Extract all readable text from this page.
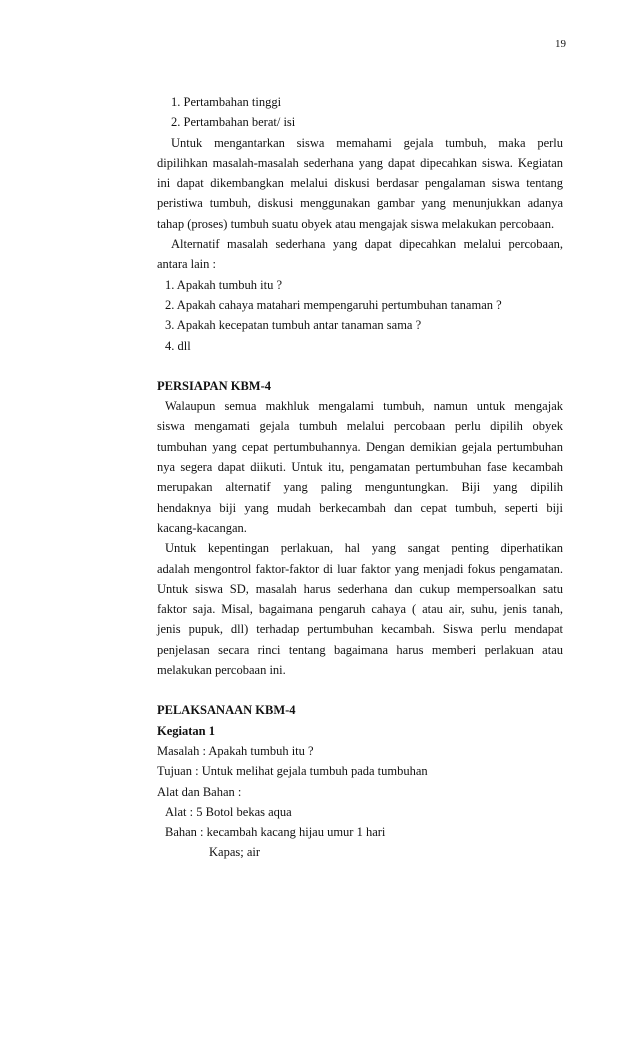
19
1. Pertambahan tinggi
2. Pertambahan berat/ isi

Untuk mengantarkan siswa memahami gejala tumbuh, maka perlu

dipilihkan masalah-masalah sederhana yang dapat dipecahkan siswa. Kegiatan

ini dapat dikembangkan melalui diskusi berdasar pengalaman siswa tentang

peristiwa tumbuh, diskusi menggunakan gambar yang menunjukkan adanya

tahap (proses) tumbuh suatu obyek atau mengajak siswa melakukan percobaan.

Alternatif masalah sederhana yang dapat dipecahkan melalui percobaan,

antara lain :

1. Apakah tumbuh itu ?
2. Apakah cahaya matahari mempengaruhi pertumbuhan tanaman ?
3. Apakah kecepatan tumbuh antar tanaman sama ?
4. dll
PERSIAPAN KBM-4

Walaupun semua makhluk mengalami tumbuh, namun untuk mengajak

siswa mengamati gejala tumbuh melalui percobaan perlu dipilih obyek

tumbuhan yang cepat pertumbuhannya. Dengan demikian gejala pertumbuhan

nya segera dapat diikuti. Untuk itu, pengamatan pertumbuhan fase kecambah

merupakan alternatif yang paling menguntungkan. Biji yang dipilih

hendaknya biji yang mudah berkecambah dan cepat tumbuh, seperti biji

kacang-kacangan.

Untuk kepentingan perlakuan, hal yang sangat penting diperhatikan

adalah mengontrol faktor-faktor di luar faktor yang menjadi fokus pengamatan.

Untuk siswa SD, masalah harus sederhana dan cukup mempersoalkan satu

faktor saja. Misal, bagaimana pengaruh cahaya ( atau air, suhu, jenis tanah,

jenis pupuk, dll) terhadap pertumbuhan kecambah. Siswa perlu mendapat

penjelasan secara rinci tentang bagaimana harus memberi perlakuan atau

melakukan percobaan ini.

PELAKSANAAN KBM-4
Kegiatan 1
Masalah : Apakah tumbuh itu ?
Tujuan : Untuk melihat gejala tumbuh pada tumbuhan
Alat dan Bahan :
Alat : 5 Botol bekas aqua
Bahan : kecambah kacang hijau umur 1 hari
Kapas; air
